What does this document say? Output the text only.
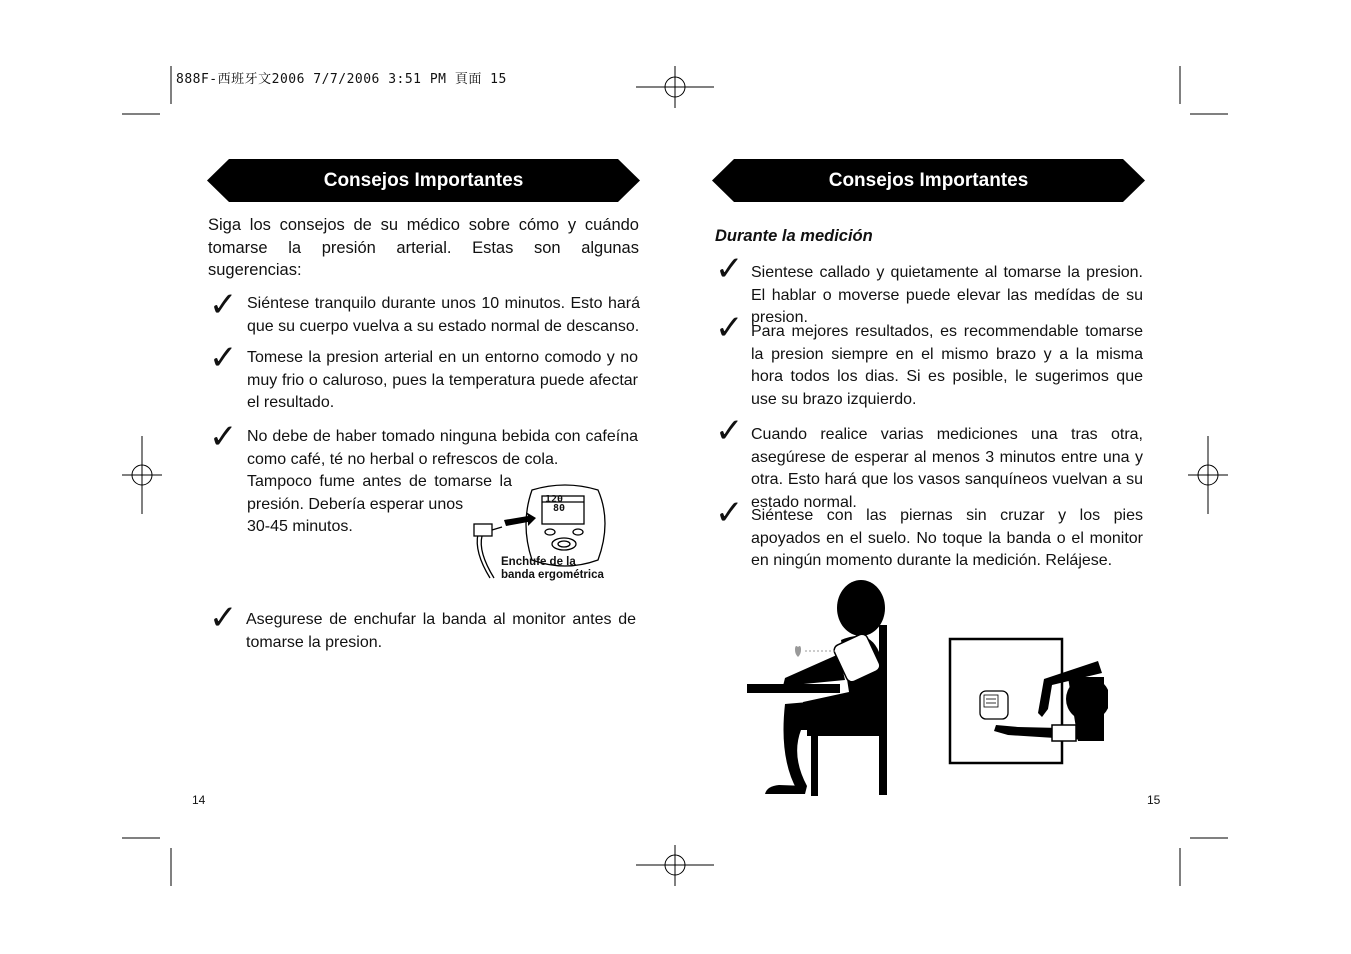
888F-西班牙文2006 7/7/2006 3:51 PM 頁面 15
Consejos Importantes
Siga los consejos de su médico sobre cómo y cuándo tomarse la presión arterial. Estas son algunas sugerencias:
✓ Siéntese tranquilo durante unos 10 minutos. Esto hará que su cuerpo vuelva a su estado normal de descanso.
✓ Tomese la presion arterial en un entorno comodo y no muy frio o caluroso, pues la temperatura puede afectar el resultado.
✓ No debe de haber tomado ninguna bebida con cafeína como café, té no herbal o refrescos de cola.
Tampoco fume antes de tomarse la
presión. Debería esperar unos
30-45 minutos.
120
80
Enchufe de la
banda ergométrica
✓ Asegurese de enchufar la banda al monitor antes de tomarse la presion.
14
Consejos Importantes
Durante la medición
✓ Sientese callado y quietamente al tomarse la presion. El hablar o moverse puede elevar las medídas de su presion.
✓ Para mejores resultados, es recommendable tomarse la presion siempre en el mismo brazo y a la misma hora todos los dias. Si es posible, le sugerimos que use su brazo izquierdo.
✓ Cuando realice varias mediciones una tras otra, asegúrese de esperar al menos 3 minutos entre una y otra. Esto hará que los vasos sanquíneos vuelvan a su estado normal.
✓ Siéntese con las piernas sin cruzar y los pies apoyados en el suelo. No toque la banda o el monitor en ningún momento durante la medición. Relájese.
15
